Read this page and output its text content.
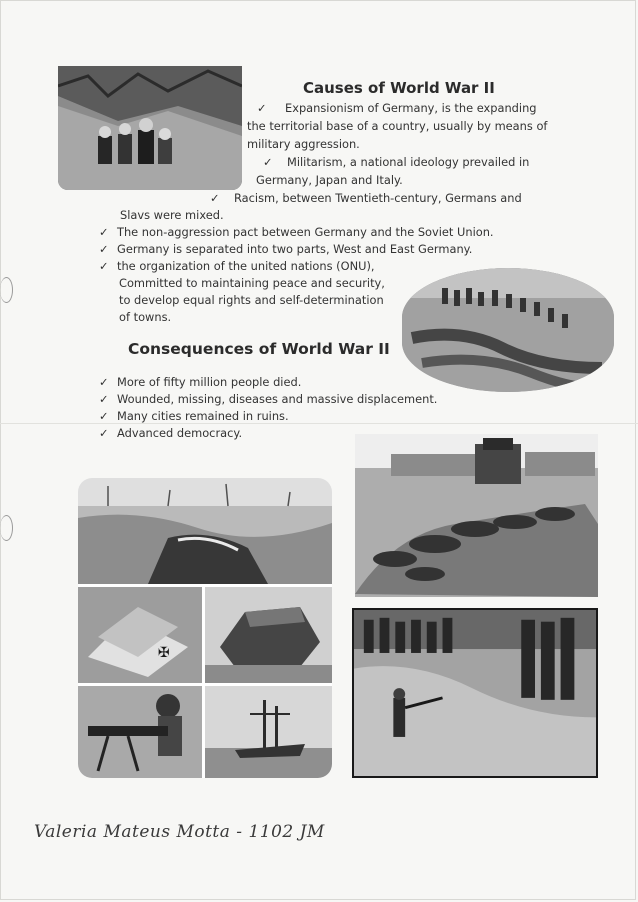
Causes of World War II
✓ Expansionism of Germany, is the expanding
the territorial base of a country, usually by means of
military aggression.
✓ Militarism, a national ideology prevailed in
Germany, Japan and Italy.
✓ Racism, between Twentieth-century, Germans and
Slavs were mixed.
✓ The non-aggression pact between Germany and the Soviet Union.
✓ Germany is separated into two parts, West and East Germany.
✓ the organization of the united nations (ONU),
Committed to maintaining peace and security,
to develop equal rights and self-determination
of towns.
Consequences of World War II
✓ More of fifty million people died.
✓ Wounded, missing, diseases and massive displacement.
✓ Many cities remained in ruins.
✓ Advanced democracy.
✠
Valeria Mateus Motta - 1102 JM
